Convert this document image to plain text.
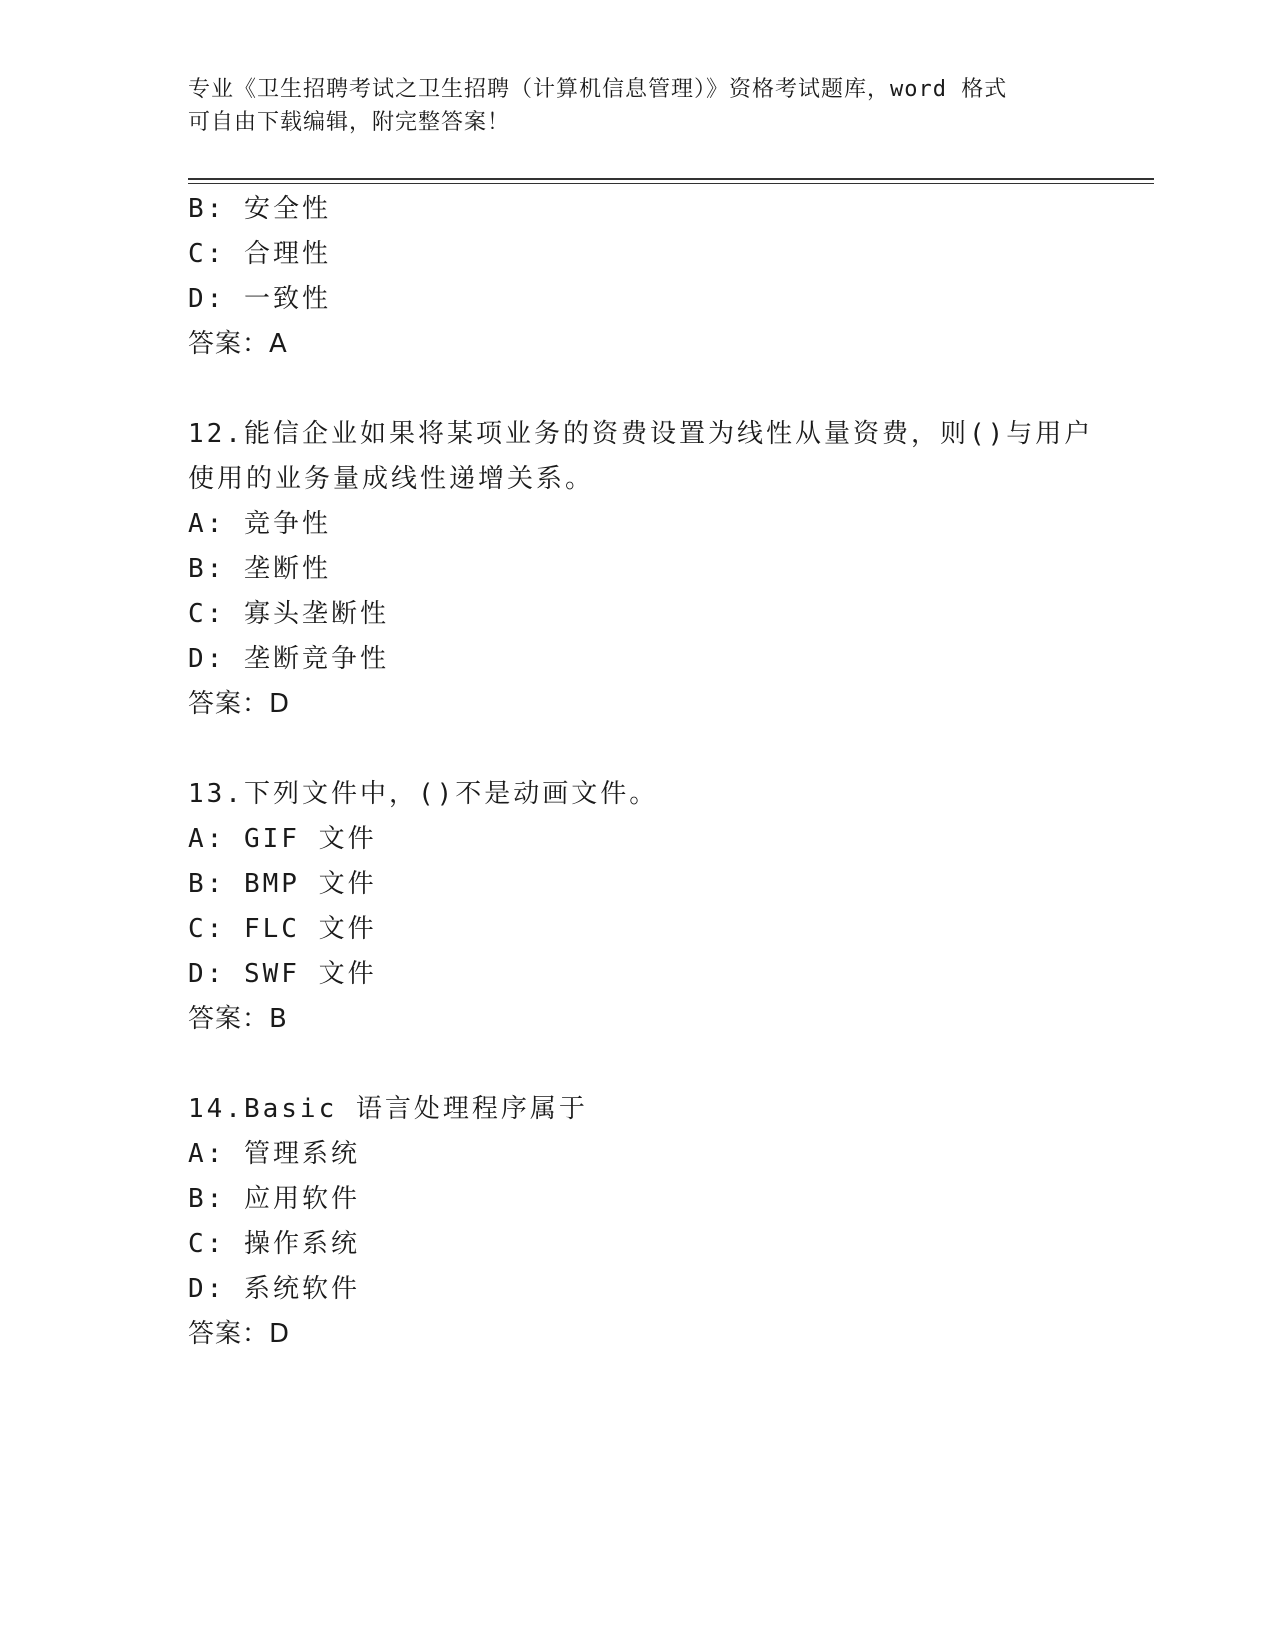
专业《卫生招聘考试之卫生招聘（计算机信息管理）》资格考试题库，word 格式
可自由下载编辑，附完整答案！
B: 安全性
C: 合理性
D: 一致性
答案：A
12.能信企业如果将某项业务的资费设置为线性从量资费，则()与用户
使用的业务量成线性递增关系。
A: 竞争性
B: 垄断性
C: 寡头垄断性
D: 垄断竞争性
答案：D
13.下列文件中，()不是动画文件。
A: GIF 文件
B: BMP 文件
C: FLC 文件
D: SWF 文件
答案：B
14.Basic 语言处理程序属于
A: 管理系统
B: 应用软件
C: 操作系统
D: 系统软件
答案：D
